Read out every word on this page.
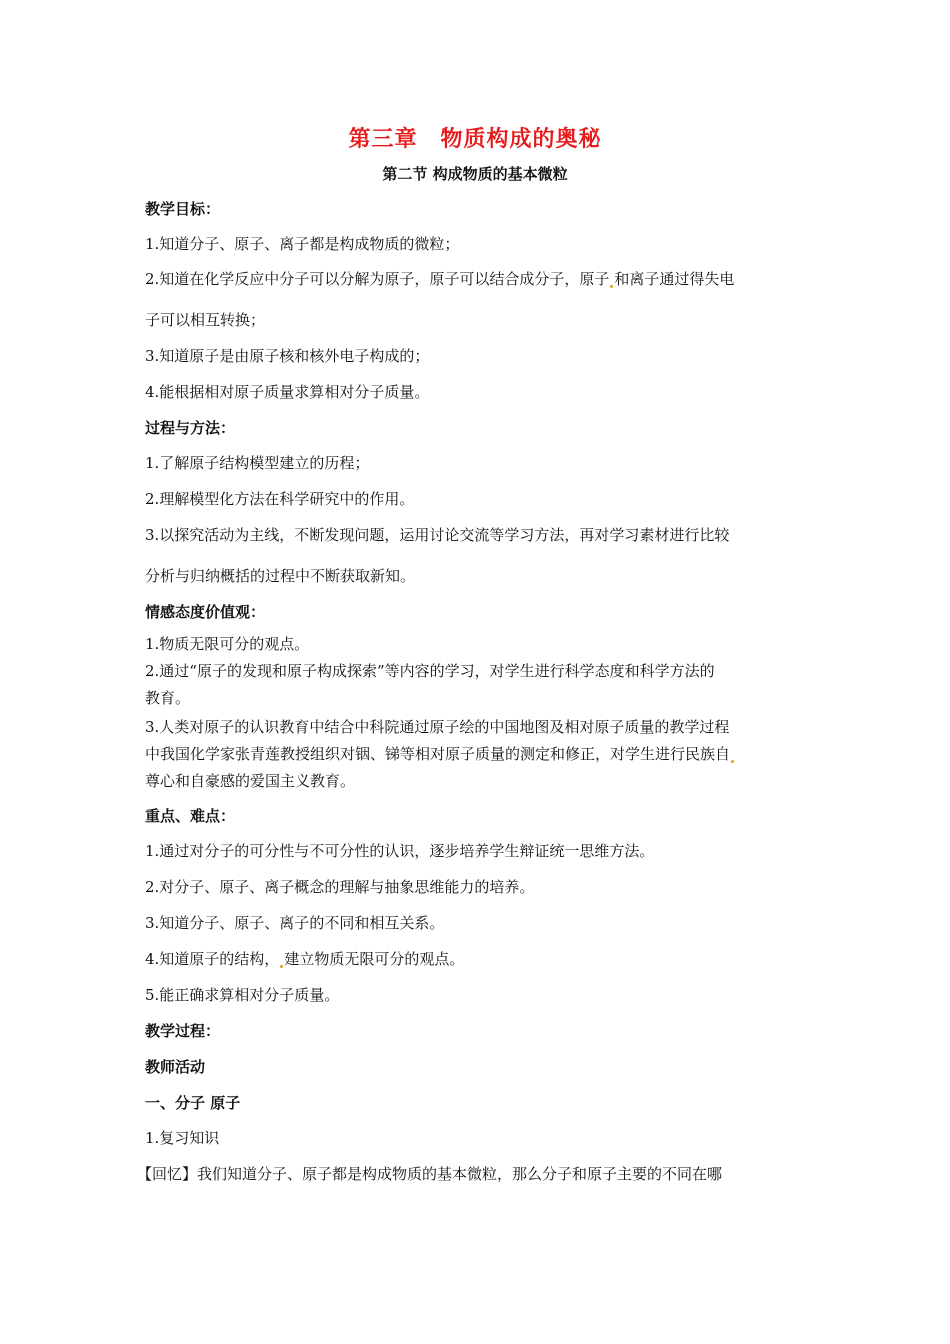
第三章　物质构成的奥秘
第二节 构成物质的基本微粒
教学目标：
1.知道分子、原子、离子都是构成物质的微粒；
2.知道在化学反应中分子可以分解为原子，原子可以结合成分子，原子 和离子通过得失电
子可以相互转换；
3.知道原子是由原子核和核外电子构成的；
4.能根据相对原子质量求算相对分子质量。
过程与方法：
1.了解原子结构模型建立的历程；
2.理解模型化方法在科学研究中的作用。
3.以探究活动为主线，不断发现问题，运用讨论交流等学习方法，再对学习素材进行比较
分析与归纳概括的过程中不断获取新知。
情感态度价值观：
1.物质无限可分的观点。
2.通过“原子的发现和原子构成探索”等内容的学习，对学生进行科学态度和科学方法的
教育。
3.人类对原子的认识教育中结合中科院通过原子绘的中国地图及相对原子质量的教学过程
中我国化学家张青莲教授组织对铟、锑等相对原子质量的测定和修正，对学生进行民族自
尊心和自豪感的爱国主义教育。
重点、难点：
1.通过对分子的可分性与不可分性的认识，逐步培养学生辩证统一思维方法。
2.对分子、原子、离子概念的理解与抽象思维能力的培养。
3.知道分子、原子、离子的不同和相互关系。
4.知道原子的结构， 建立物质无限可分的观点。
5.能正确求算相对分子质量。
教学过程：
教师活动
一、分子 原子
1.复习知识
【回忆】我们知道分子、原子都是构成物质的基本微粒，那么分子和原子主要的不同在哪
